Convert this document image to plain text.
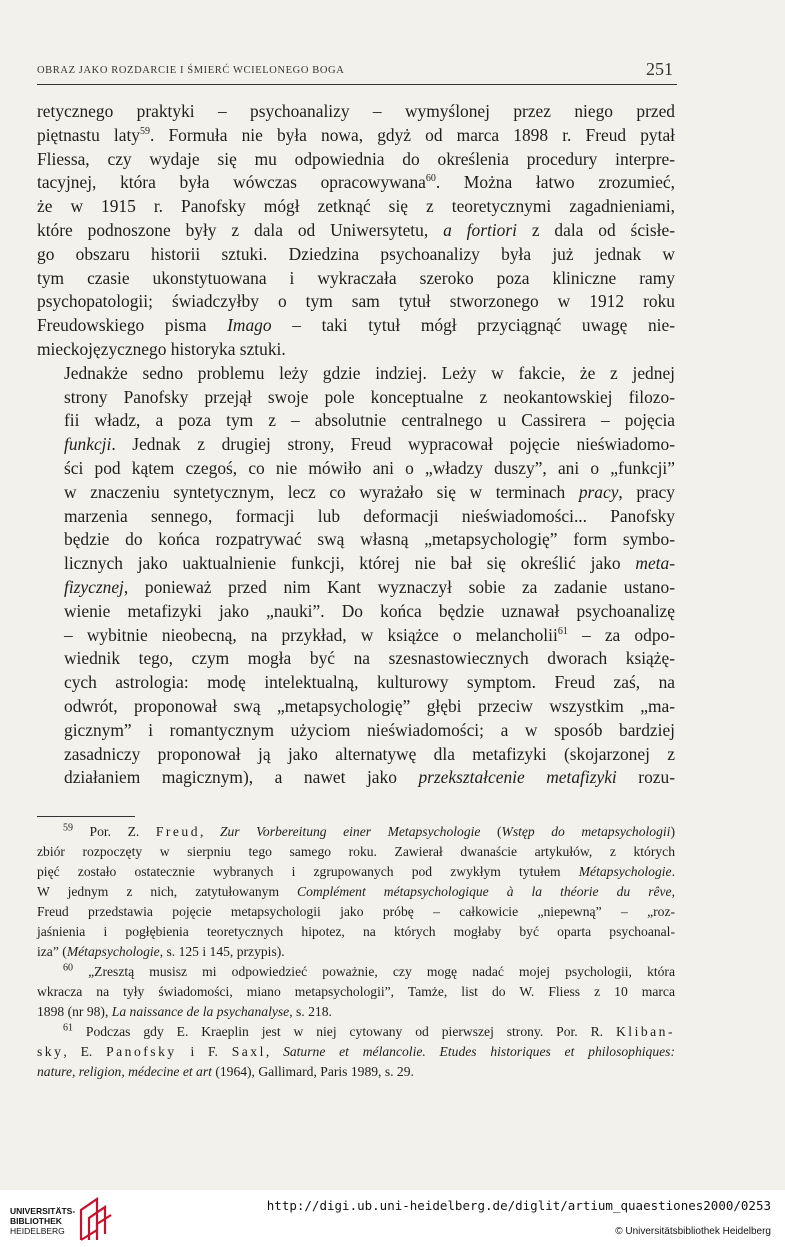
OBRAZ JAKO ROZDARCIE I ŚMIERĆ WCIELONEGO BOGA	251

retycznego praktyki – psychoanalizy – wymyślonej przez niego przed
piętnastu laty$^{59}$. Formuła nie była nowa, gdyż od marca 1898 r. Freud pytał
Fliessa, czy wydaje się mu odpowiednia do określenia procedury interpre-
tacyjnej, która była wówczas opracowywana$^{60}$. Można łatwo zrozumieć,
że w 1915 r. Panofsky mógł zetknąć się z teoretycznymi zagadnieniami,
które podnoszone były z dala od Uniwersytetu, a fortiori z dala od ścisłe-
go obszaru historii sztuki. Dziedzina psychoanalizy była już jednak w
tym czasie ukonstytuowana i wykraczała szeroko poza kliniczne ramy
psychopatologii; świadczyłby o tym sam tytuł stworzonego w 1912 roku
Freudowskiego pisma Imago – taki tytuł mógł przyciągnąć uwagę nie-
mieckojęzycznego historyka sztuki.

Jednakże sedno problemu leży gdzie indziej. Leży w fakcie, że z jednej
strony Panofsky przejął swoje pole konceptualne z neokantowskiej filozo-
fii władz, a poza tym z – absolutnie centralnego u Cassirera – pojęcia
funkcji. Jednak z drugiej strony, Freud wypracował pojęcie nieświadomo-
ści pod kątem czegoś, co nie mówiło ani o „władzy duszy”, ani o „funkcji”
w znaczeniu syntetycznym, lecz co wyrażało się w terminach pracy, pracy
marzenia sennego, formacji lub deformacji nieświadomości... Panofsky
będzie do końca rozpatrywać swą własną „metapsychologię” form symbo-
licznych jako uaktualnienie funkcji, której nie bał się określić jako meta-
fizycznej, ponieważ przed nim Kant wyznaczył sobie za zadanie ustano-
wienie metafizyki jako „nauki”. Do końca będzie uznawał psychoanalizę
– wybitnie nieobecną, na przykład, w książce o melancholii$^{61}$ – za odpo-
wiednik tego, czym mogła być na szesnastowiecznych dworach książę-
cych astrologia: modę intelektualną, kulturowy symptom. Freud zaś, na
odwrót, proponował swą „metapsychologię” głębi przeciw wszystkim „ma-
gicznym” i romantycznym użyciom nieświadomości; a w sposób bardziej
zasadniczy proponował ją jako alternatywę dla metafizyki (skojarzonej z
działaniem magicznym), a nawet jako przekształcenie metafizyki rozu-

$^{59}$ Por. Z. Freud, Zur Vorbereitung einer Metapsychologie (Wstęp do metapsychologii)
zbiór rozpoczęty w sierpniu tego samego roku. Zawierał dwanaście artykułów, z których
pięć zostało ostatecznie wybranych i zgrupowanych pod zwykłym tytułem Métapsychologie.
W jednym z nich, zatytułowanym Complément métapsychologique à la théorie du rêve,
Freud przedstawia pojęcie metapsychologii jako próbę – całkowicie „niepewną” – „roz-
jaśnienia i pogłębienia teoretycznych hipotez, na których mogłaby być oparta psychoanal-
iza” (Métapsychologie, s. 125 i 145, przypis).
$^{60}$ „Zresztą musisz mi odpowiedzieć poważnie, czy mogę nadać mojej psychologii, która
wkracza na tyły świadomości, miano metapsychologii”, Tamże, list do W. Fliess z 10 marca
1898 (nr 98), La naissance de la psychanalyse, s. 218.
$^{61}$ Podczas gdy E. Kraeplin jest w niej cytowany od pierwszej strony. Por. R. Kliban-
sky, E. Panofsky i F. Saxl, Saturne et mélancolie. Etudes historiques et philosophiques:
nature, religion, médecine et art (1964), Gallimard, Paris 1989, s. 29.
UNIVERSITÄTS-
BIBLIOTHEK
HEIDELBERG
http://digi.ub.uni-heidelberg.de/diglit/artium_quaestiones2000/0253
© Universitätsbibliothek Heidelberg
